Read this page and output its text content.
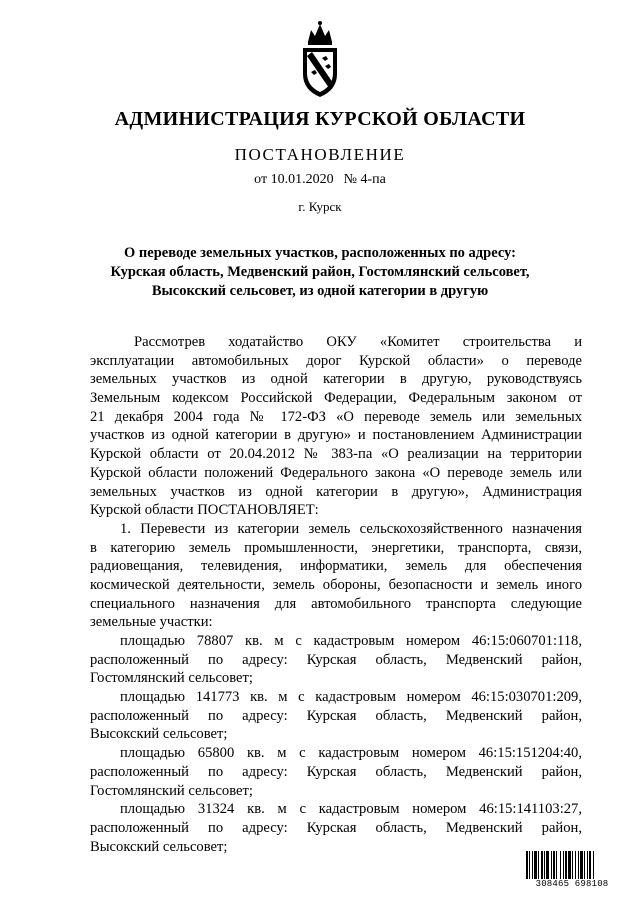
АДМИНИСТРАЦИЯ КУРСКОЙ ОБЛАСТИ
ПОСТАНОВЛЕНИЕ
от 10.01.2020 № 4-па
г. Курск
О переводе земельных участков, расположенных по адресу:
Курская область, Медвенский район, Гостомлянский сельсовет,
Высокский сельсовет, из одной категории в другую
Рассмотрев ходатайство ОКУ «Комитет строительства и
эксплуатации автомобильных дорог Курской области» о переводе
земельных участков из одной категории в другую, руководствуясь
Земельным кодексом Российской Федерации, Федеральным законом от
21 декабря 2004 года № 172-ФЗ «О переводе земель или земельных
участков из одной категории в другую» и постановлением Администрации
Курской области от 20.04.2012 № 383-па «О реализации на территории
Курской области положений Федерального закона «О переводе земель или
земельных участков из одной категории в другую», Администрация
Курской области ПОСТАНОВЛЯЕТ:
1. Перевести из категории земель сельскохозяйственного назначения
в категорию земель промышленности, энергетики, транспорта, связи,
радиовещания, телевидения, информатики, земель для обеспечения
космической деятельности, земель обороны, безопасности и земель иного
специального назначения для автомобильного транспорта следующие
земельные участки:
площадью 78807 кв. м с кадастровым номером 46:15:060701:118,
расположенный по адресу: Курская область, Медвенский район,
Гостомлянский сельсовет;
площадью 141773 кв. м с кадастровым номером 46:15:030701:209,
расположенный по адресу: Курская область, Медвенский район,
Высокский сельсовет;
площадью 65800 кв. м с кадастровым номером 46:15:151204:40,
расположенный по адресу: Курская область, Медвенский район,
Гостомлянский сельсовет;
площадью 31324 кв. м с кадастровым номером 46:15:141103:27,
расположенный по адресу: Курская область, Медвенский район,
Высокский сельсовет;
308465 698108
